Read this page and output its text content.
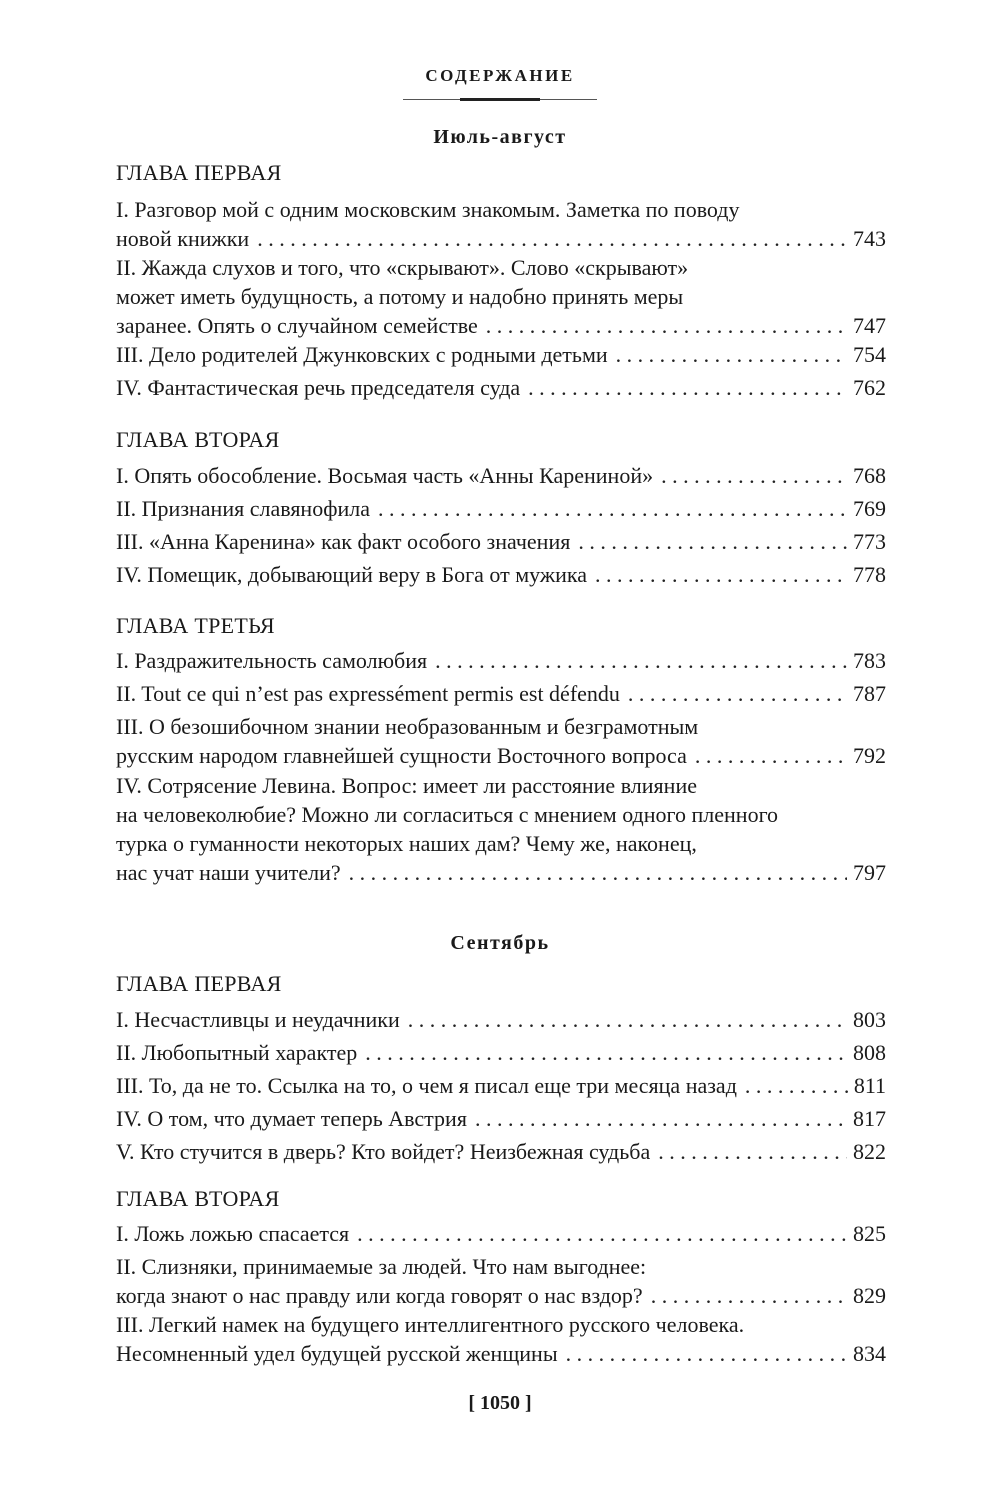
СОДЕРЖАНИЕ
Июль-август
ГЛАВА ПЕРВАЯ
I. Разговор мой с одним московским знакомым. Заметка по поводу
новой книжки . . .	743
II. Жажда слухов и того, что «скрывают». Слово «скрывают»
может иметь будущность, а потому и надобно принять меры
заранее. Опять о случайном семействе . . .	747
III. Дело родителей Джунковских с родными детьми . . .	754
IV. Фантастическая речь председателя суда . . .	762
ГЛАВА ВТОРАЯ
I. Опять обособление. Восьмая часть «Анны Карениной» . . .	768
II. Признания славянофила . . .	769
III. «Анна Каренина» как факт особого значения . . .	773
IV. Помещик, добывающий веру в Бога от мужика . . .	778
ГЛАВА ТРЕТЬЯ
I. Раздражительность самолюбия . . .	783
II. Tout ce qui n’est pas expressément permis est défendu . . .	787
III. О безошибочном знании необразованным и безграмотным
русским народом главнейшей сущности Восточного вопроса . . .	792
IV. Сотрясение Левина. Вопрос: имеет ли расстояние влияние
на человеколюбие? Можно ли согласиться с мнением одного пленного
турка о гуманности некоторых наших дам? Чему же, наконец,
нас учат наши учители? . . .	797
Сентябрь
ГЛАВА ПЕРВАЯ
I. Несчастливцы и неудачники . . .	803
II. Любопытный характер . . .	808
III. То, да не то. Ссылка на то, о чем я писал еще три месяца назад . . .	811
IV. О том, что думает теперь Австрия . . .	817
V. Кто стучится в дверь? Кто войдет? Неизбежная судьба . . .	822
ГЛАВА ВТОРАЯ
I. Ложь ложью спасается . . .	825
II. Слизняки, принимаемые за людей. Что нам выгоднее:
когда знают о нас правду или когда говорят о нас вздор? . . .	829
III. Легкий намек на будущего интеллигентного русского человека.
Несомненный удел будущей русской женщины . . .	834
[ 1050 ]
